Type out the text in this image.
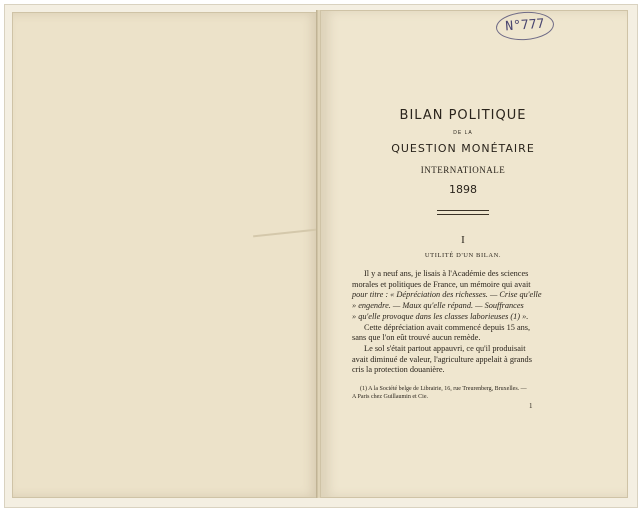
N°777
BILAN POLITIQUE
DE LA
QUESTION MONÉTAIRE
INTERNATIONALE
1898
I
UTILITÉ D'UN BILAN.

Il y a neuf ans, je lisais à l'Académie des sciences
morales et politiques de France, un mémoire qui avait
pour titre : « Dépréciation des richesses. — Crise qu'elle
» engendre. — Maux qu'elle répand. — Souffrances
» qu'elle provoque dans les classes laborieuses (1) ».

Cette dépréciation avait commencé depuis 15 ans,
sans que l'on eût trouvé aucun remède.

Le sol s'était partout appauvri, ce qu'il produisait
avait diminué de valeur, l'agriculture appelait à grands
cris la protection douanière.

(1) A la Société belge de Librairie, 16, rue Treurenberg, Bruxelles. —

A Paris chez Guillaumin et Cie.

1
